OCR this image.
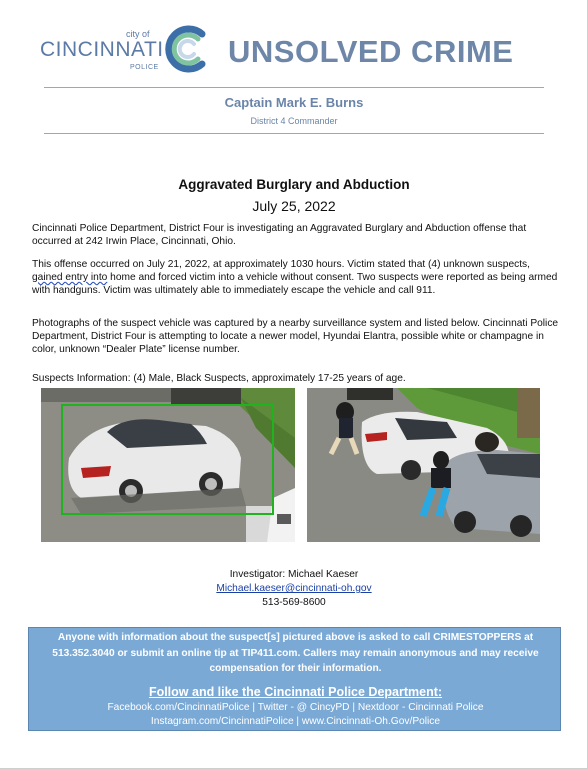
city of
CINCINNATI
POLICE UNSOLVED CRIME
Captain Mark E. Burns
District 4 Commander
Aggravated Burglary and Abduction
July 25, 2022
Cincinnati Police Department, District Four is investigating an Aggravated Burglary and Abduction offense that occurred at 242 Irwin Place, Cincinnati, Ohio.
This offense occurred on July 21, 2022, at approximately 1030 hours. Victim stated that (4) unknown suspects, gained entry into home and forced victim into a vehicle without consent. Two suspects were reported as being armed with handguns. Victim was ultimately able to immediately escape the vehicle and call 911.
Photographs of the suspect vehicle was captured by a nearby surveillance system and listed below. Cincinnati Police Department, District Four is attempting to locate a newer model, Hyundai Elantra, possible white or champagne in color, unknown “Dealer Plate” license number.
Suspects Information: (4) Male, Black Suspects, approximately 17-25 years of age.
Investigator: Michael Kaeser
Michael.kaeser@cincinnati-oh.gov
513-569-8600
Anyone with information about the suspect[s] pictured above is asked to call CRIMESTOPPERS at 513.352.3040 or submit an online tip at TIP411.com. Callers may remain anonymous and may receive compensation for their information.
Follow and like the Cincinnati Police Department:
Facebook.com/CincinnatiPolice | Twitter - @ CincyPD | Nextdoor - Cincinnati Police
Instagram.com/CincinnatiPolice | www.Cincinnati-Oh.Gov/Police
